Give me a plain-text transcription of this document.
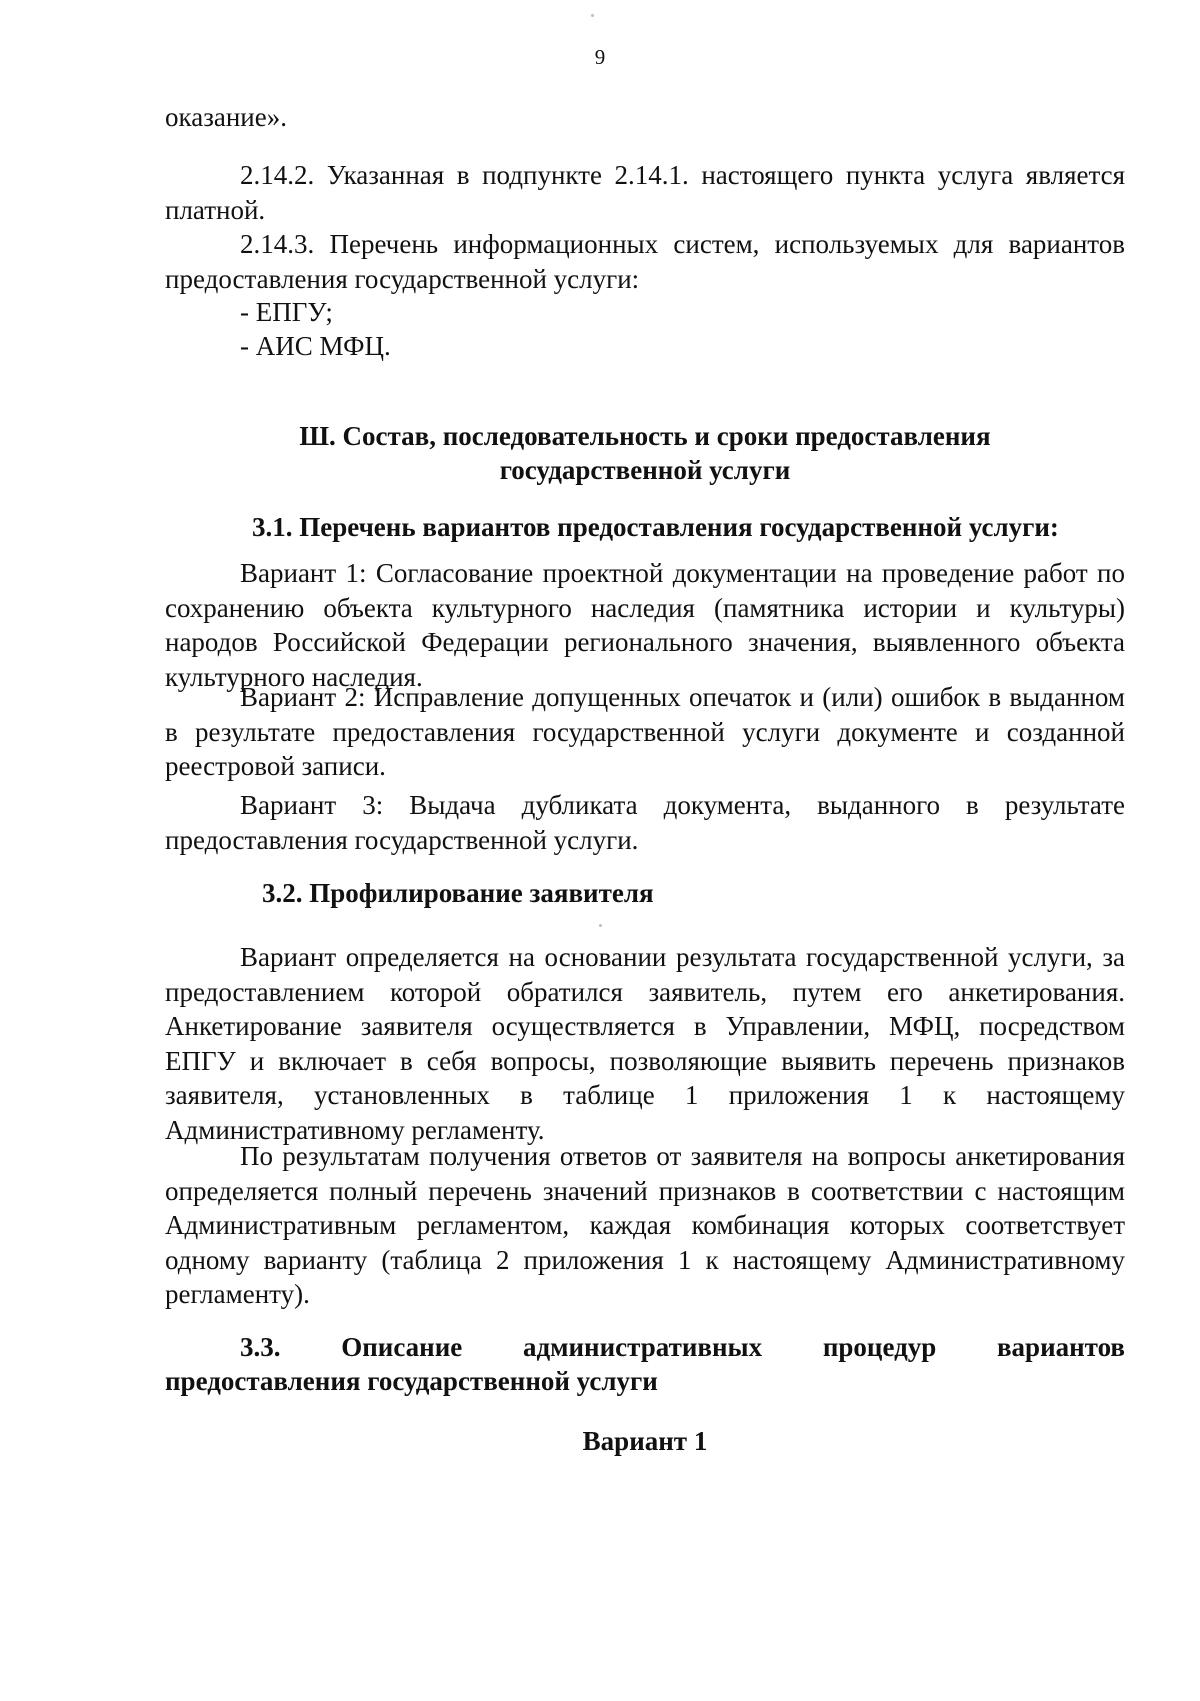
9
оказание».
2.14.2. Указанная в подпункте 2.14.1. настоящего пункта услуга является платной.
2.14.3. Перечень информационных систем, используемых для вариантов предоставления государственной услуги:
- ЕПГУ;
- АИС МФЦ.
Ш. Состав, последовательность и сроки предоставления
государственной услуги
3.1. Перечень вариантов предоставления государственной услуги:
Вариант 1: Согласование проектной документации на проведение работ по сохранению объекта культурного наследия (памятника истории и культуры) народов Российской Федерации регионального значения, выявленного объекта культурного наследия.
Вариант 2: Исправление допущенных опечаток и (или) ошибок в выданном в результате предоставления государственной услуги документе и созданной реестровой записи.
Вариант 3: Выдача дубликата документа, выданного в результате предоставления государственной услуги.
3.2. Профилирование заявителя
Вариант определяется на основании результата государственной услуги, за предоставлением которой обратился заявитель, путем его анкетирования. Анкетирование заявителя осуществляется в Управлении, МФЦ, посредством ЕПГУ и включает в себя вопросы, позволяющие выявить перечень признаков заявителя, установленных в таблице 1 приложения 1 к настоящему Административному регламенту.
По результатам получения ответов от заявителя на вопросы анкетирования определяется полный перечень значений признаков в соответствии с настоящим Административным регламентом, каждая комбинация которых соответствует одному варианту (таблица 2 приложения 1 к настоящему Административному регламенту).
3.3. Описание административных процедур вариантов
предоставления государственной услуги
Вариант 1
